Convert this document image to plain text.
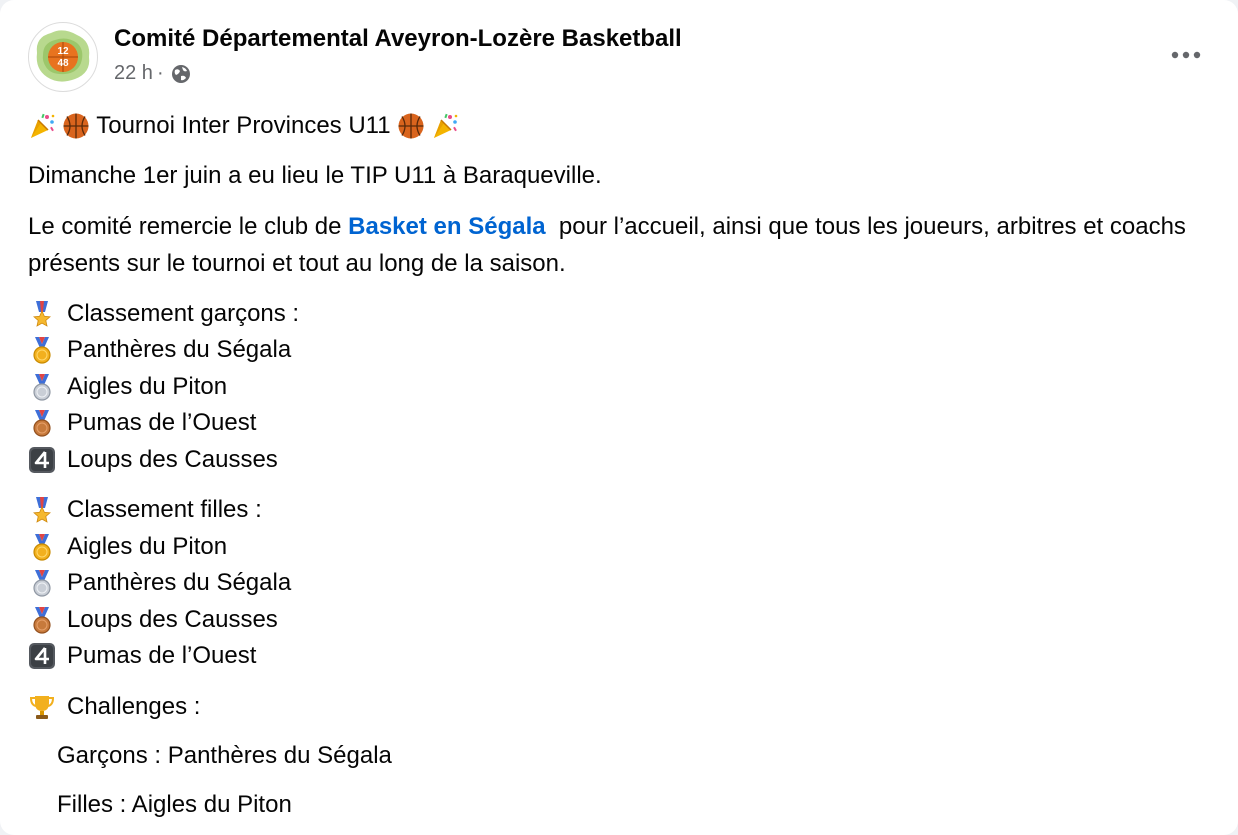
12
48
Comité Départemental Aveyron-Lozère Basketball
22 h ·

Tournoi Inter Provinces U11

Dimanche 1er juin a eu lieu le TIP U11 à Baraqueville.

Le comité remercie le club de Basket en Ségala  pour l’accueil, ainsi que tous les joueurs, arbitres et coachs présents sur le tournoi et tout au long de la saison.

Classement garçons :
Panthères du Ségala
Aigles du Piton
Pumas de l’Ouest
Loups des Causses
Classement filles :
Aigles du Piton
Panthères du Ségala
Loups des Causses
Pumas de l’Ouest
Challenges :

Garçons : Panthères du Ségala

Filles : Aigles du Piton
